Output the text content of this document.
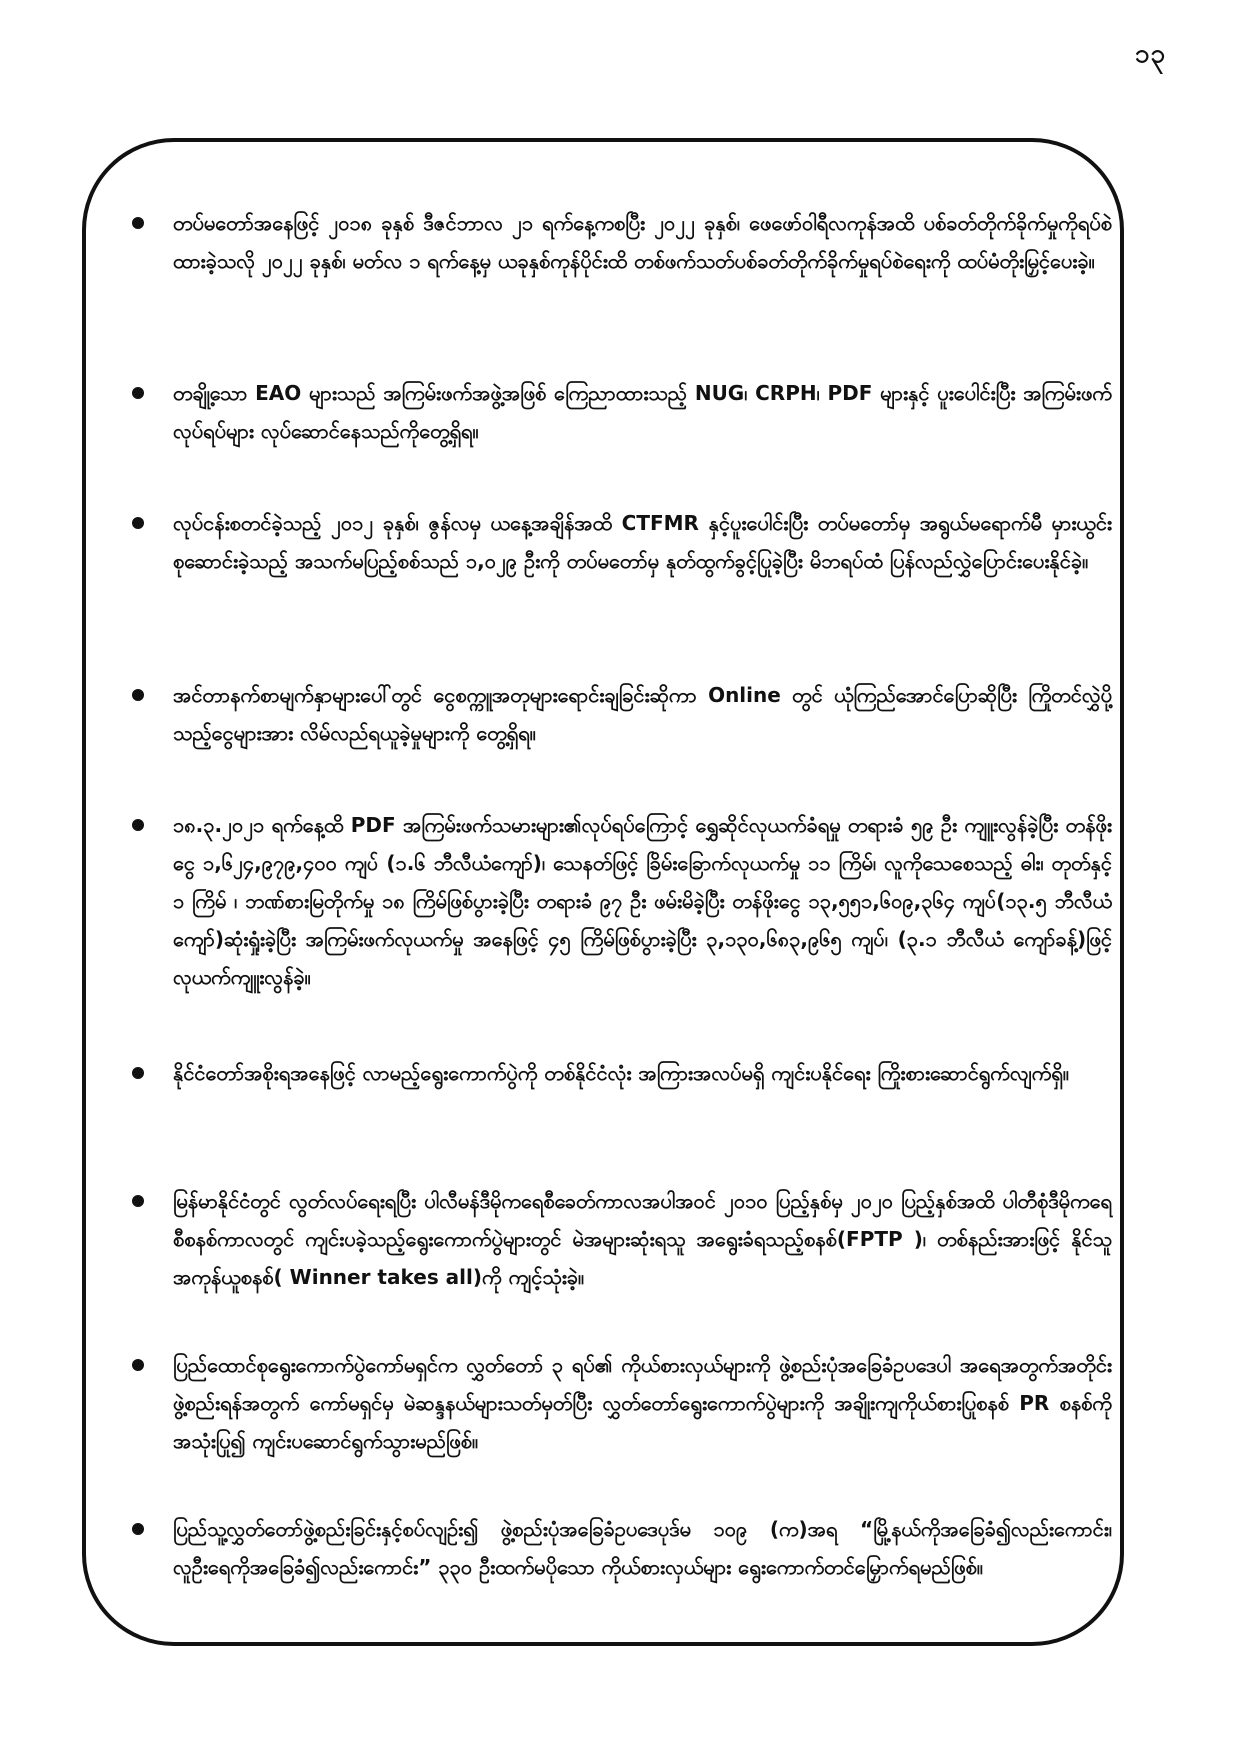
၁၃
တပ်မတော်အနေဖြင့် ၂၀၁၈ ခုနှစ် ဒီဇင်ဘာလ ၂၁ ရက်နေ့ကစပြီး ၂၀၂၂ ခုနှစ်၊ ဖေဖော်ဝါရီလကုန်အထိ ပစ်ခတ်တိုက်ခိုက်မှုကိုရပ်စဲထားခဲ့သလို ၂၀၂၂ ခုနှစ်၊ မတ်လ ၁ ရက်နေ့မှ ယခုနှစ်ကုန်ပိုင်းထိ တစ်ဖက်သတ်ပစ်ခတ်တိုက်ခိုက်မှုရပ်စဲရေးကို ထပ်မံတိုးမြှင့်ပေးခဲ့။
တချို့သော EAO များသည် အကြမ်းဖက်အဖွဲ့အဖြစ် ကြေညာထားသည့် NUG၊ CRPH၊ PDF များနှင့် ပူးပေါင်းပြီး အကြမ်းဖက်လုပ်ရပ်များ လုပ်ဆောင်နေသည်ကိုတွေ့ရှိရ။
လုပ်ငန်းစတင်ခဲ့သည့် ၂၀၁၂ ခုနှစ်၊ ဇွန်လမှ ယနေ့အချိန်အထိ CTFMR နှင့်ပူးပေါင်းပြီး တပ်မတော်မှ အရွယ်မရောက်မီ မှားယွင်းစုဆောင်းခဲ့သည့် အသက်မပြည့်စစ်သည် ၁,၀၂၉ ဦးကို တပ်မတော်မှ နုတ်ထွက်ခွင့်ပြုခဲ့ပြီး မိဘရပ်ထံ ပြန်လည်လွှဲပြောင်းပေးနိုင်ခဲ့။
အင်တာနက်စာမျက်နှာများပေါ်တွင် ငွေစက္ကူအတုများရောင်းချခြင်းဆိုကာ Online တွင် ယုံကြည်အောင်ပြောဆိုပြီး ကြိုတင်လွှဲပို့သည့်ငွေများအား လိမ်လည်ရယူခဲ့မှုများကို တွေ့ရှိရ။
၁၈.၃.၂၀၂၁ ရက်နေ့ထိ PDF အကြမ်းဖက်သမားများ၏လုပ်ရပ်ကြောင့် ရွှေဆိုင်လုယက်ခံရမှု တရားခံ ၅၉ ဦး ကျူးလွန်ခဲ့ပြီး တန်ဖိုးငွေ ၁,၆၂၄,၉၇၉,၄၀၀ ကျပ် (၁.၆ ဘီလီယံကျော်)၊ သေနတ်ဖြင့် ခြိမ်းခြောက်လုယက်မှု ၁၁ ကြိမ်၊ လူကိုသေစေသည့် ဓါး၊ တုတ်နှင့် ၁ ကြိမ် ၊ ဘဏ်စားမြတိုက်မှု ၁၈ ကြိမ်ဖြစ်ပွားခဲ့ပြီး တရားခံ ၉၇ ဦး ဖမ်းမိခဲ့ပြီး တန်ဖိုးငွေ ၁၃,၅၅၁,၆၀၉,၃၆၄ ကျပ်(၁၃.၅ ဘီလီယံကျော်)ဆုံးရှုံးခဲ့ပြီး အကြမ်းဖက်လုယက်မှု အနေဖြင့် ၄၅ ကြိမ်ဖြစ်ပွားခဲ့ပြီး ၃,၁၃၀,၆၈၃,၉၆၅ ကျပ်၊ (၃.၁ ဘီလီယံ ကျော်ခန့်)ဖြင့် လုယက်ကျူးလွန်ခဲ့။
နိုင်ငံတော်အစိုးရအနေဖြင့် လာမည့်ရွေးကောက်ပွဲကို တစ်နိုင်ငံလုံး အကြားအလပ်မရှိ ကျင်းပနိုင်ရေး ကြိုးစားဆောင်ရွက်လျက်ရှိ။
မြန်မာနိုင်ငံတွင် လွတ်လပ်ရေးရပြီး ပါလီမန်ဒီမိုကရေစီခေတ်ကာလအပါအဝင် ၂၀၁၀ ပြည့်နှစ်မှ ၂၀၂၀ ပြည့်နှစ်အထိ ပါတီစုံဒီမိုကရေစီစနစ်ကာလတွင် ကျင်းပခဲ့သည့်ရွေးကောက်ပွဲများတွင် မဲအများဆုံးရသူ အရွေးခံရသည့်စနစ်(FPTP )၊ တစ်နည်းအားဖြင့် နိုင်သူအကုန်ယူစနစ်( Winner takes all)ကို ကျင့်သုံးခဲ့။
ပြည်ထောင်စုရွေးကောက်ပွဲကော်မရှင်က လွှတ်တော် ၃ ရပ်၏ ကိုယ်စားလှယ်များကို ဖွဲ့စည်းပုံအခြေခံဥပဒေပါ အရေအတွက်အတိုင်း ဖွဲ့စည်းရန်အတွက် ကော်မရှင်မှ မဲဆန္ဒနယ်များသတ်မှတ်ပြီး လွှတ်တော်ရွေးကောက်ပွဲများကို အချိုးကျကိုယ်စားပြုစနစ် PR စနစ်ကိုအသုံးပြု၍ ကျင်းပဆောင်ရွက်သွားမည်ဖြစ်။
ပြည်သူ့လွှတ်တော်ဖွဲ့စည်းခြင်းနှင့်စပ်လျဉ်း၍ ဖွဲ့စည်းပုံအခြေခံဥပဒေပုဒ်မ ၁၀၉ (က)အရ “မြို့နယ်ကိုအခြေခံ၍လည်းကောင်း၊ လူဦးရေကိုအခြေခံ၍လည်းကောင်း” ၃၃၀ ဦးထက်မပိုသော ကိုယ်စားလှယ်များ ရွေးကောက်တင်မြှောက်ရမည်ဖြစ်။
